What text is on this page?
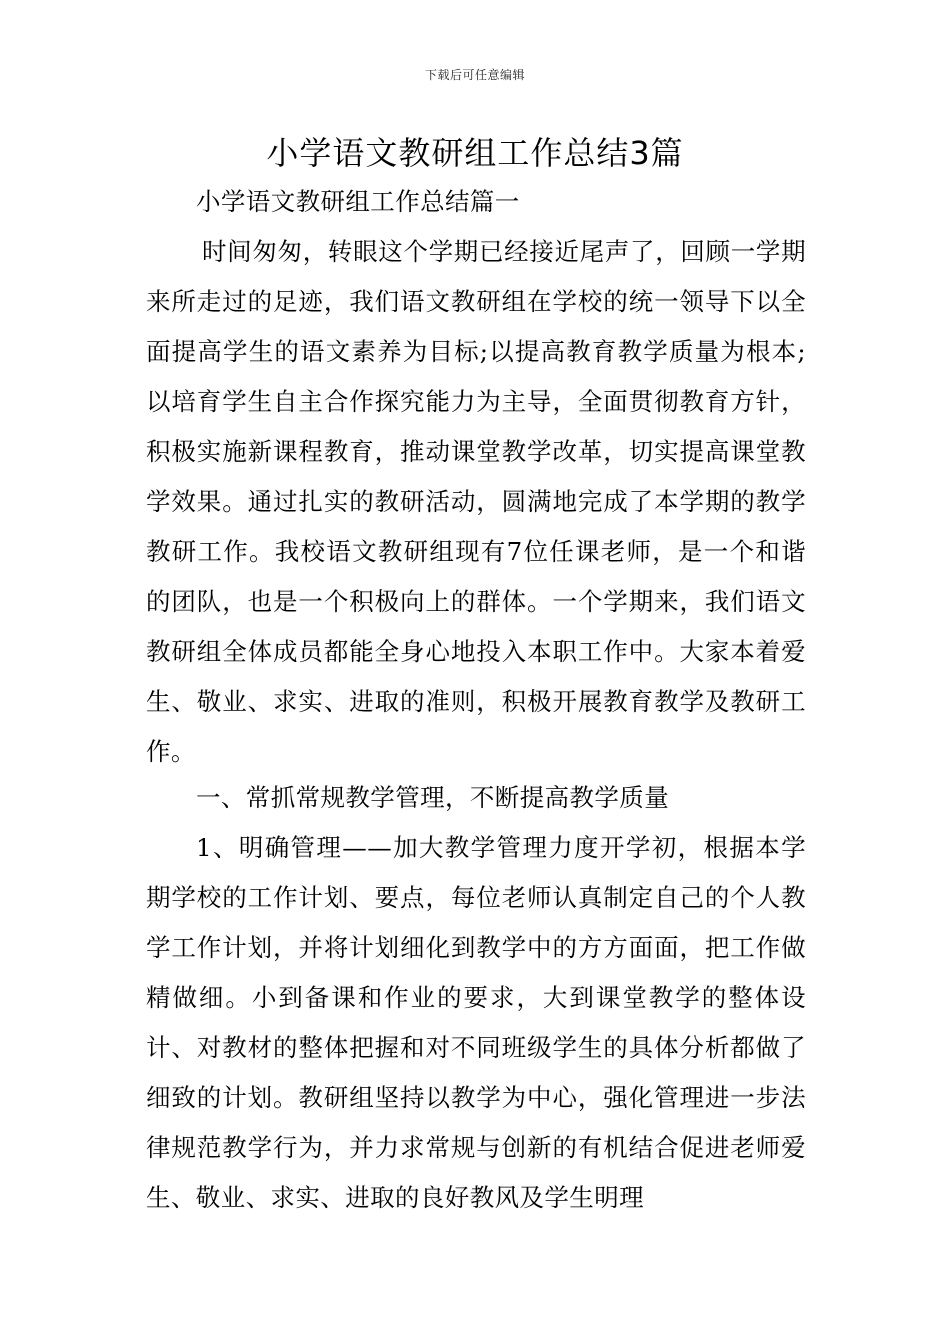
下载后可任意编辑
小学语文教研组工作总结3篇

小学语文教研组工作总结篇一

时间匆匆，转眼这个学期已经接近尾声了，回顾一学期来所走过的足迹，我们语文教研组在学校的统一领导下以全面提高学生的语文素养为目标;以提高教育教学质量为根本;以培育学生自主合作探究能力为主导，全面贯彻教育方针，积极实施新课程教育，推动课堂教学改革，切实提高课堂教学效果。通过扎实的教研活动，圆满地完成了本学期的教学教研工作。我校语文教研组现有7位任课老师，是一个和谐的团队，也是一个积极向上的群体。一个学期来，我们语文教研组全体成员都能全身心地投入本职工作中。大家本着爱生、敬业、求实、进取的准则，积极开展教育教学及教研工作。

一、常抓常规教学管理，不断提高教学质量

1、明确管理——加大教学管理力度开学初，根据本学期学校的工作计划、要点，每位老师认真制定自己的个人教学工作计划，并将计划细化到教学中的方方面面，把工作做精做细。小到备课和作业的要求，大到课堂教学的整体设计、对教材的整体把握和对不同班级学生的具体分析都做了细致的计划。教研组坚持以教学为中心，强化管理进一步法律规范教学行为，并力求常规与创新的有机结合促进老师爱生、敬业、求实、进取的良好教风及学生明理
